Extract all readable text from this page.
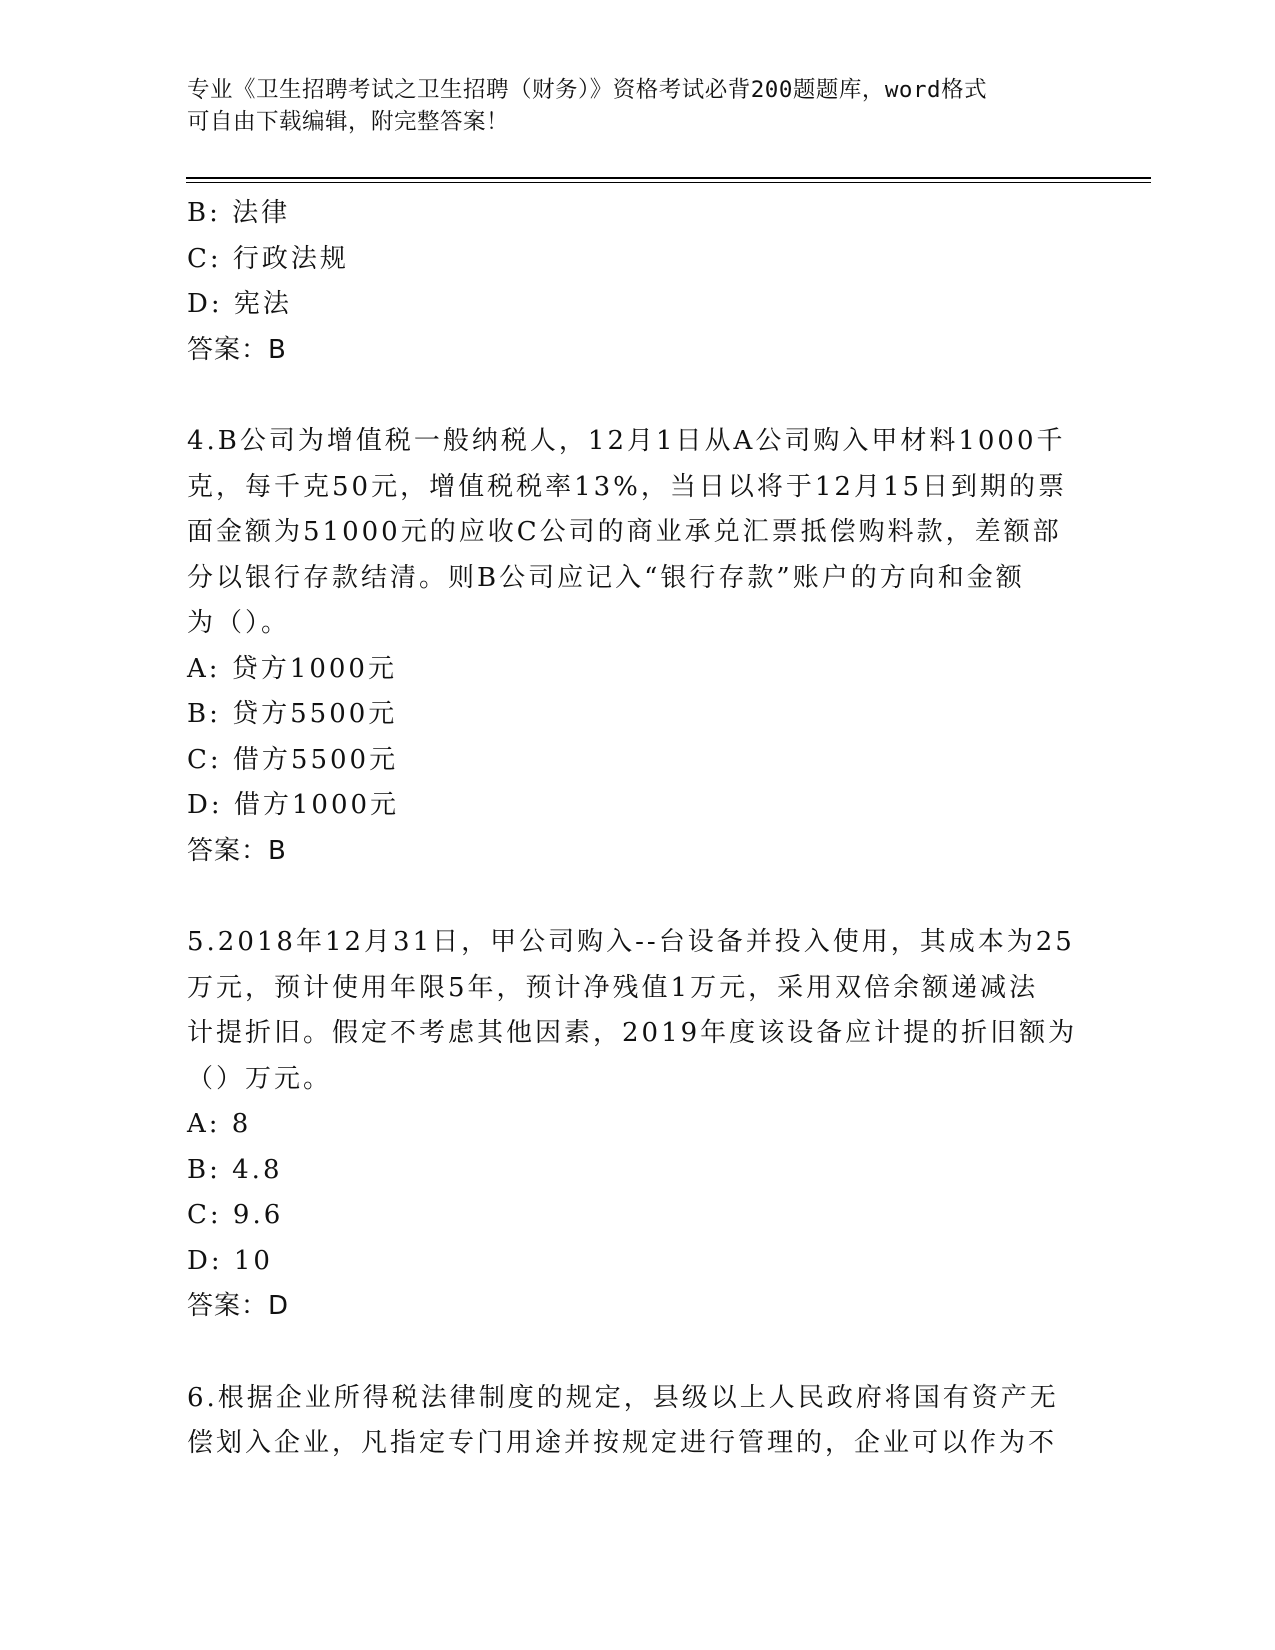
专业《卫生招聘考试之卫生招聘（财务）》资格考试必背200题题库，word格式
可自由下载编辑，附完整答案！
B: 法律
C: 行政法规
D: 宪法
答案：B
4.B公司为增值税一般纳税人，12月1日从A公司购入甲材料1000千
克，每千克50元，增值税税率13%，当日以将于12月15日到期的票
面金额为51000元的应收C公司的商业承兑汇票抵偿购料款，差额部
分以银行存款结清。则B公司应记入“银行存款”账户的方向和金额
为（）。
A: 贷方1000元
B: 贷方5500元
C: 借方5500元
D: 借方1000元
答案：B
5.2018年12月31日，甲公司购入--台设备并投入使用，其成本为25
万元，预计使用年限5年，预计净残值1万元，采用双倍余额递减法
计提折旧。假定不考虑其他因素，2019年度该设备应计提的折旧额为
（）万元。
A: 8
B: 4.8
C: 9.6
D: 10
答案：D
6.根据企业所得税法律制度的规定，县级以上人民政府将国有资产无
偿划入企业，凡指定专门用途并按规定进行管理的，企业可以作为不
